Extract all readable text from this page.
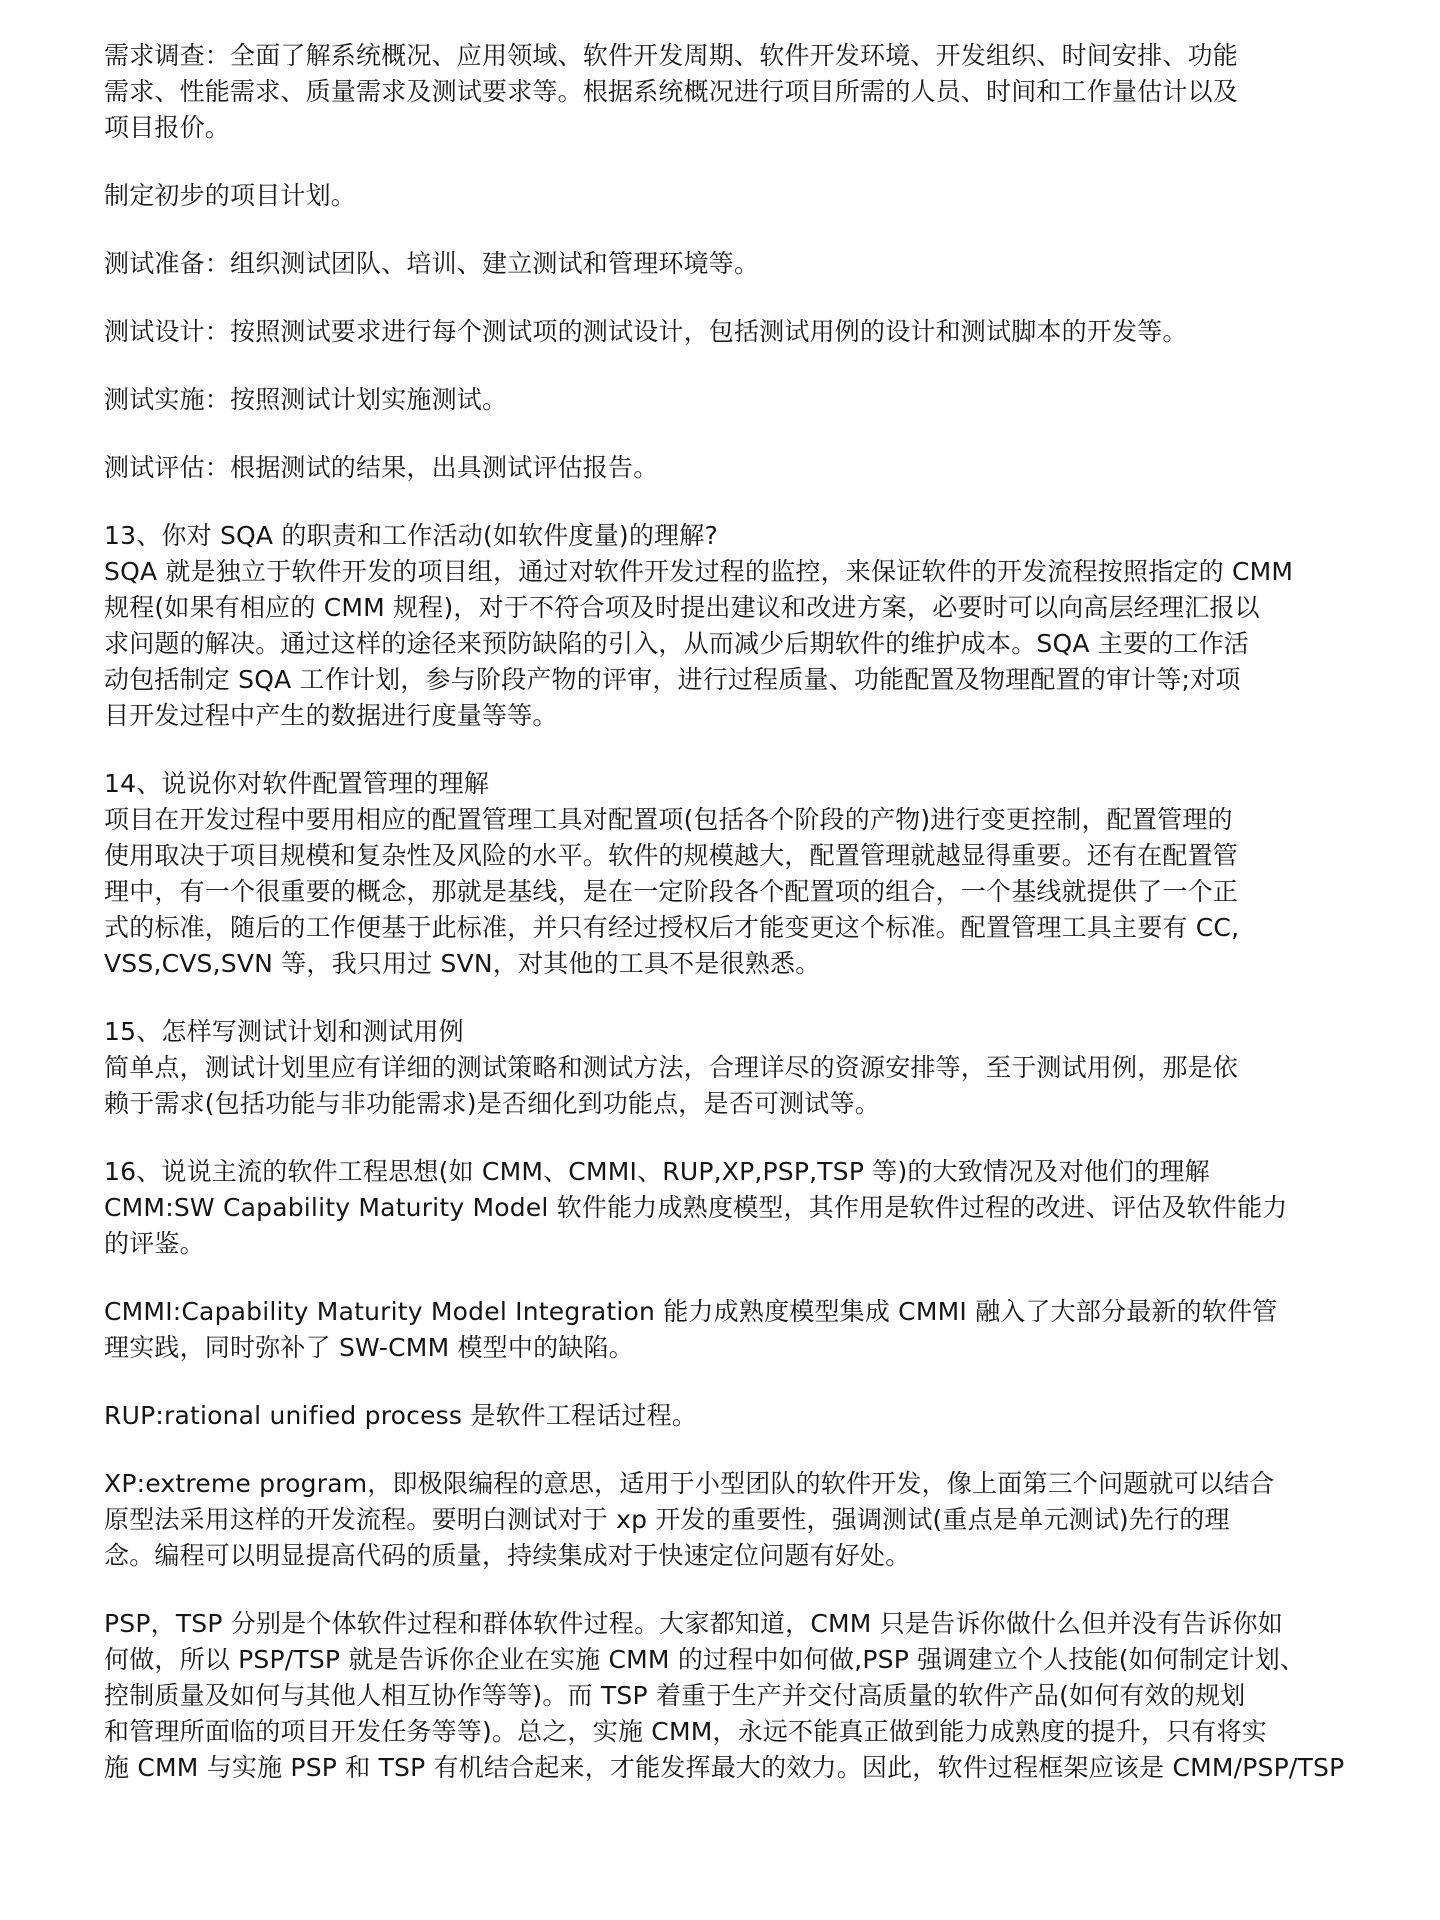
需求调查：全面了解系统概况、应用领域、软件开发周期、软件开发环境、开发组织、时间安排、功能
需求、性能需求、质量需求及测试要求等。根据系统概况进行项目所需的人员、时间和工作量估计以及
项目报价。
制定初步的项目计划。
测试准备：组织测试团队、培训、建立测试和管理环境等。
测试设计：按照测试要求进行每个测试项的测试设计，包括测试用例的设计和测试脚本的开发等。
测试实施：按照测试计划实施测试。
测试评估：根据测试的结果，出具测试评估报告。
13、你对 SQA 的职责和工作活动(如软件度量)的理解?
SQA 就是独立于软件开发的项目组，通过对软件开发过程的监控，来保证软件的开发流程按照指定的 CMM
规程(如果有相应的 CMM 规程)，对于不符合项及时提出建议和改进方案，必要时可以向高层经理汇报以
求问题的解决。通过这样的途径来预防缺陷的引入，从而减少后期软件的维护成本。SQA 主要的工作活
动包括制定 SQA 工作计划，参与阶段产物的评审，进行过程质量、功能配置及物理配置的审计等;对项
目开发过程中产生的数据进行度量等等。
14、说说你对软件配置管理的理解
项目在开发过程中要用相应的配置管理工具对配置项(包括各个阶段的产物)进行变更控制，配置管理的
使用取决于项目规模和复杂性及风险的水平。软件的规模越大，配置管理就越显得重要。还有在配置管
理中，有一个很重要的概念，那就是基线，是在一定阶段各个配置项的组合，一个基线就提供了一个正
式的标准，随后的工作便基于此标准，并只有经过授权后才能变更这个标准。配置管理工具主要有 CC,
VSS,CVS,SVN 等，我只用过 SVN，对其他的工具不是很熟悉。
15、怎样写测试计划和测试用例
简单点，测试计划里应有详细的测试策略和测试方法，合理详尽的资源安排等，至于测试用例，那是依
赖于需求(包括功能与非功能需求)是否细化到功能点，是否可测试等。
16、说说主流的软件工程思想(如 CMM、CMMI、RUP,XP,PSP,TSP 等)的大致情况及对他们的理解
CMM:SW Capability Maturity Model 软件能力成熟度模型，其作用是软件过程的改进、评估及软件能力
的评鉴。
CMMI:Capability Maturity Model Integration 能力成熟度模型集成 CMMI 融入了大部分最新的软件管
理实践，同时弥补了 SW-CMM 模型中的缺陷。
RUP:rational unified process 是软件工程话过程。
XP:extreme program，即极限编程的意思，适用于小型团队的软件开发，像上面第三个问题就可以结合
原型法采用这样的开发流程。要明白测试对于 xp 开发的重要性，强调测试(重点是单元测试)先行的理
念。编程可以明显提高代码的质量，持续集成对于快速定位问题有好处。
PSP，TSP 分别是个体软件过程和群体软件过程。大家都知道，CMM 只是告诉你做什么但并没有告诉你如
何做，所以 PSP/TSP 就是告诉你企业在实施 CMM 的过程中如何做,PSP 强调建立个人技能(如何制定计划、
控制质量及如何与其他人相互协作等等)。而 TSP 着重于生产并交付高质量的软件产品(如何有效的规划
和管理所面临的项目开发任务等等)。总之，实施 CMM，永远不能真正做到能力成熟度的提升，只有将实
施 CMM 与实施 PSP 和 TSP 有机结合起来，才能发挥最大的效力。因此，软件过程框架应该是 CMM/PSP/TSP
